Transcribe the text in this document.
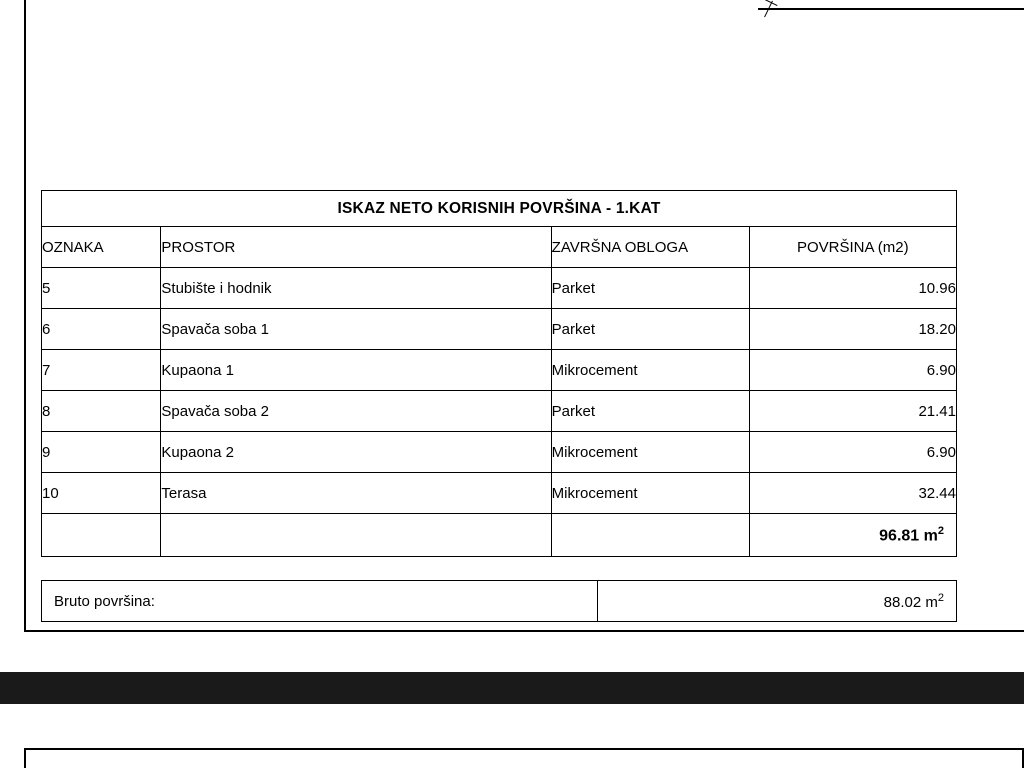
ISKAZ NETO KORISNIH POVRŠINA - 1.KAT			
OZNAKA	PROSTOR	ZAVRŠNA OBLOGA	POVRŠINA (m2)
5	Stubište i hodnik	Parket	10.96
6	Spavača soba 1	Parket	18.20
7	Kupaona 1	Mikrocement	6.90
8	Spavača soba 2	Parket	21.41
9	Kupaona 2	Mikrocement	6.90
10	Terasa	Mikrocement	32.44
			96.81 $m^2$
Bruto površina:	88.02 $m^2$
